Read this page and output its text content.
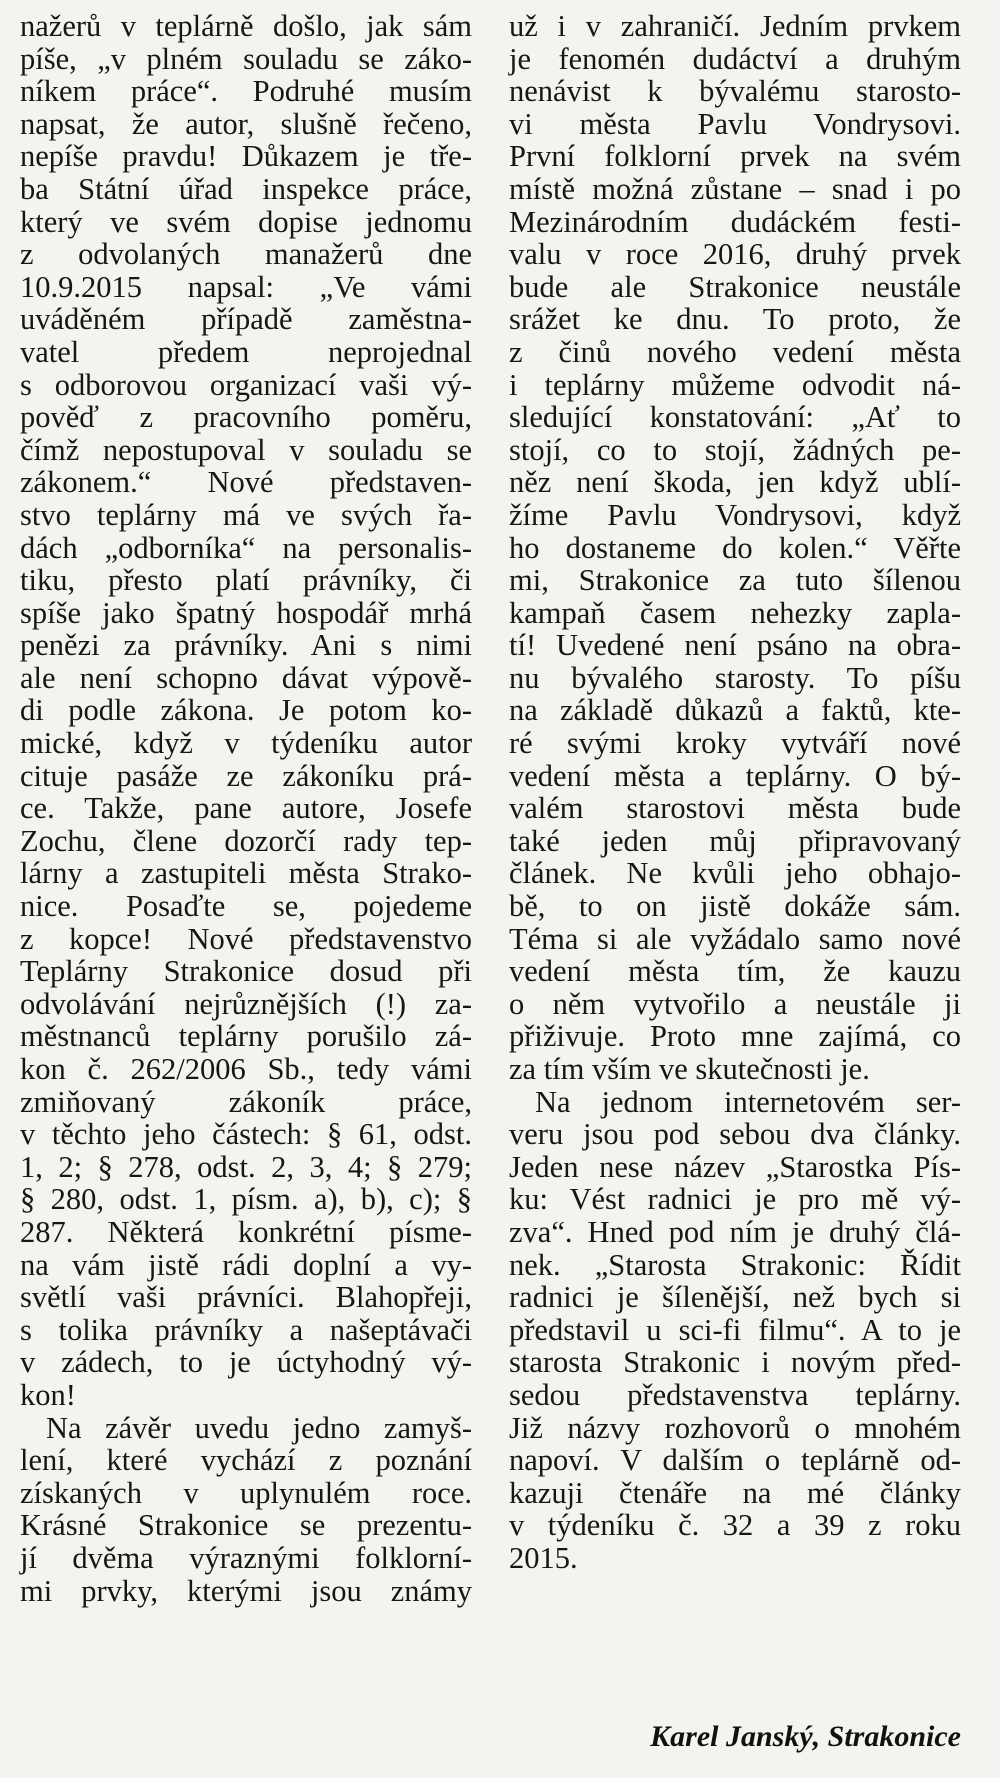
nažerů v teplárně došlo, jak sám
píše, „v plném souladu se záko-
níkem práce“. Podruhé musím
napsat, že autor, slušně řečeno,
nepíše pravdu! Důkazem je tře-
ba Státní úřad inspekce práce,
který ve svém dopise jednomu
z odvolaných manažerů dne
10.9.2015 napsal: „Ve vámi
uváděném případě zaměstna-
vatel předem neprojednal
s odborovou organizací vaši vý-
pověď z pracovního poměru,
čímž nepostupoval v souladu se
zákonem.“ Nové představen-
stvo teplárny má ve svých řa-
dách „odborníka“ na personalis-
tiku, přesto platí právníky, či
spíše jako špatný hospodář mrhá
penězi za právníky. Ani s nimi
ale není schopno dávat výpově-
di podle zákona. Je potom ko-
mické, když v týdeníku autor
cituje pasáže ze zákoníku prá-
ce. Takže, pane autore, Josefe
Zochu, člene dozorčí rady tep-
lárny a zastupiteli města Strako-
nice. Posaďte se, pojedeme
z kopce! Nové představenstvo
Teplárny Strakonice dosud při
odvolávání nejrůznějších (!) za-
městnanců teplárny porušilo zá-
kon č. 262/2006 Sb., tedy vámi
zmiňovaný zákoník práce,
v těchto jeho částech: § 61, odst.
1, 2; § 278, odst. 2, 3, 4; § 279;
§ 280, odst. 1, písm. a), b), c); §
287. Některá konkrétní písme-
na vám jistě rádi doplní a vy-
světlí vaši právníci. Blahopřeji,
s tolika právníky a našeptávači
v zádech, to je úctyhodný vý-
kon!
Na závěr uvedu jedno zamyš-
lení, které vychází z poznání
získaných v uplynulém roce.
Krásné Strakonice se prezentu-
jí dvěma výraznými folklorní-
mi prvky, kterými jsou známy
už i v zahraničí. Jedním prvkem
je fenomén dudáctví a druhým
nenávist k bývalému starosto-
vi města Pavlu Vondrysovi.
První folklorní prvek na svém
místě možná zůstane – snad i po
Mezinárodním dudáckém festi-
valu v roce 2016, druhý prvek
bude ale Strakonice neustále
srážet ke dnu. To proto, že
z činů nového vedení města
i teplárny můžeme odvodit ná-
sledující konstatování: „Ať to
stojí, co to stojí, žádných pe-
něz není škoda, jen když ublí-
žíme Pavlu Vondrysovi, když
ho dostaneme do kolen.“ Věřte
mi, Strakonice za tuto šílenou
kampaň časem nehezky zapla-
tí! Uvedené není psáno na obra-
nu bývalého starosty. To píšu
na základě důkazů a faktů, kte-
ré svými kroky vytváří nové
vedení města a teplárny. O bý-
valém starostovi města bude
také jeden můj připravovaný
článek. Ne kvůli jeho obhajo-
bě, to on jistě dokáže sám.
Téma si ale vyžádalo samo nové
vedení města tím, že kauzu
o něm vytvořilo a neustále ji
přiživuje. Proto mne zajímá, co
za tím vším ve skutečnosti je.
Na jednom internetovém ser-
veru jsou pod sebou dva články.
Jeden nese název „Starostka Pís-
ku: Vést radnici je pro mě vý-
zva“. Hned pod ním je druhý člá-
nek. „Starosta Strakonic: Řídit
radnici je šílenější, než bych si
představil u sci-fi filmu“. A to je
starosta Strakonic i novým před-
sedou představenstva teplárny.
Již názvy rozhovorů o mnohém
napoví. V dalším o teplárně od-
kazuji čtenáře na mé články
v týdeníku č. 32 a 39 z roku
2015.
Karel Janský, Strakonice
